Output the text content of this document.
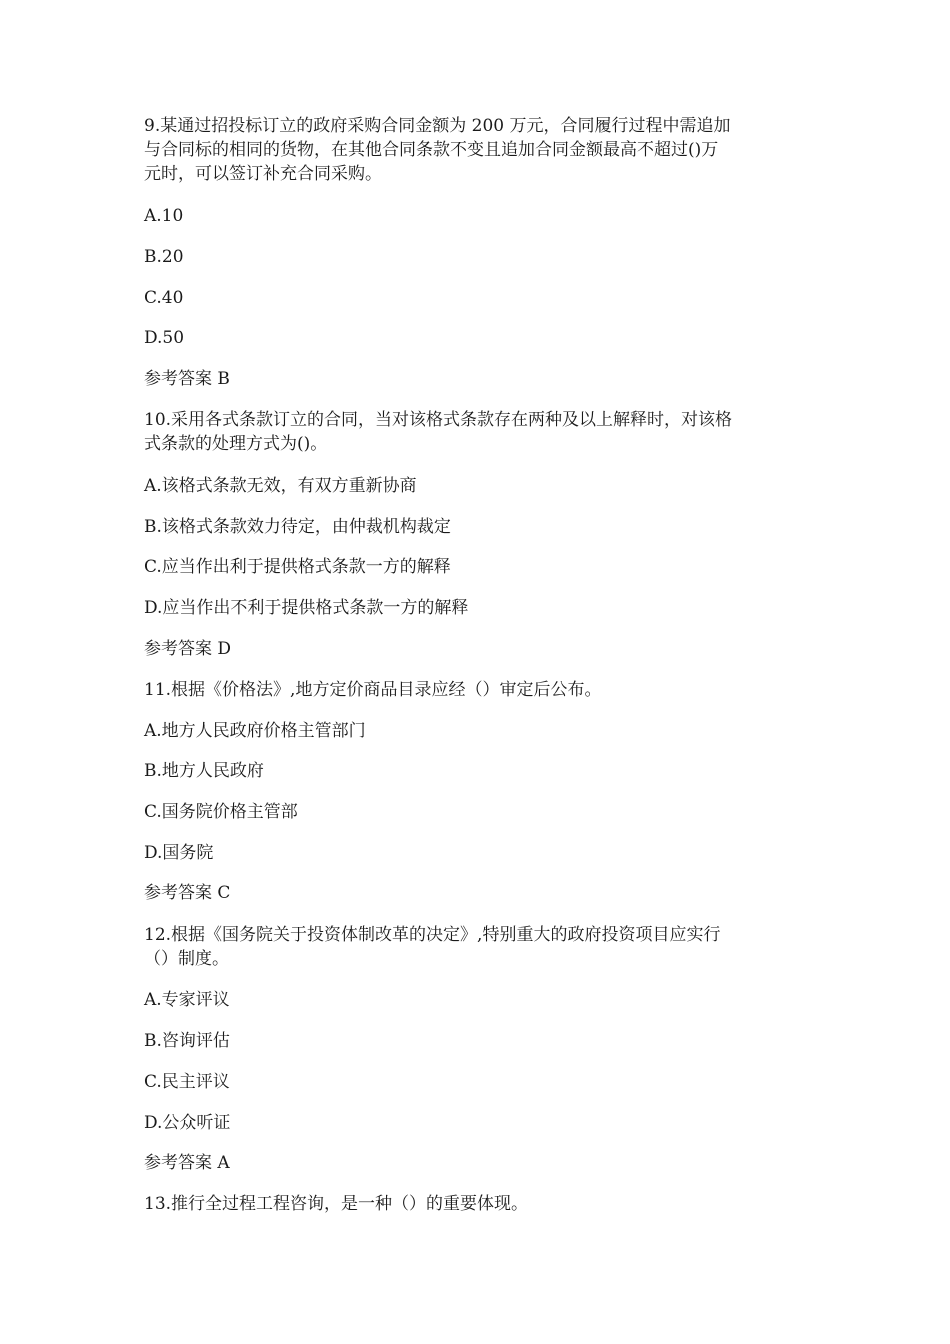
9.某通过招投标订立的政府采购合同金额为 200 万元，合同履行过程中需追加
与合同标的相同的货物，在其他合同条款不变且追加合同金额最高不超过()万
元时，可以签订补充合同采购。
A.10
B.20
C.40
D.50
参考答案 B
10.采用各式条款订立的合同，当对该格式条款存在两种及以上解释时，对该格
式条款的处理方式为()。
A.该格式条款无效，有双方重新协商
B.该格式条款效力待定，由仲裁机构裁定
C.应当作出利于提供格式条款一方的解释
D.应当作出不利于提供格式条款一方的解释
参考答案 D
11.根据《价格法》,地方定价商品目录应经（）审定后公布。
A.地方人民政府价格主管部门
B.地方人民政府
C.国务院价格主管部
D.国务院
参考答案 C
12.根据《国务院关于投资体制改革的决定》,特别重大的政府投资项目应实行
（）制度。
A.专家评议
B.咨询评估
C.民主评议
D.公众听证
参考答案 A
13.推行全过程工程咨询，是一种（）的重要体现。
